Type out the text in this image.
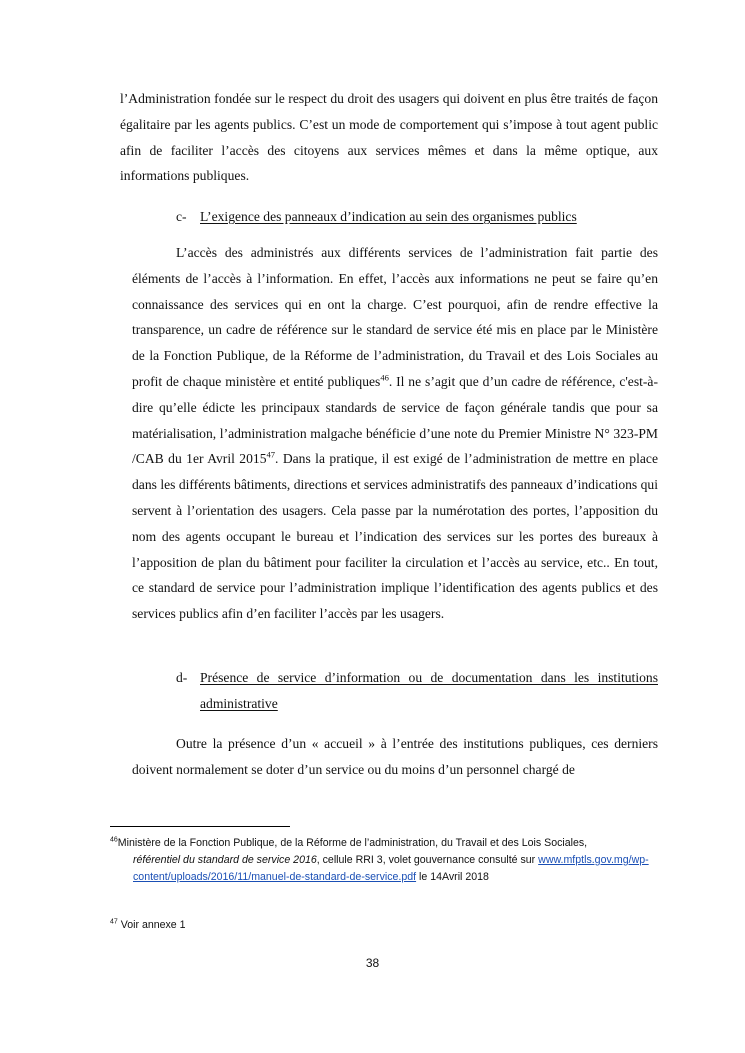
l’Administration fondée sur le respect du droit des usagers qui doivent en plus être traités de façon égalitaire par les agents publics. C’est un mode de comportement qui s’impose à tout agent public afin de faciliter l’accès des citoyens aux services mêmes et dans la même optique, aux informations publiques.
c- L’exigence des panneaux d’indication au sein des organismes publics
L’accès des administrés aux différents services de l’administration fait partie des éléments de l’accès à l’information. En effet, l’accès aux informations ne peut se faire qu’en connaissance des services qui en ont la charge. C’est pourquoi, afin de rendre effective la transparence, un cadre de référence sur le standard de service été mis en place par le Ministère de la Fonction Publique, de la Réforme de l’administration, du Travail et des Lois Sociales au profit de chaque ministère et entité publiques$^{46}$. Il ne s’agit que d’un cadre de référence, c'est-à-dire qu’elle édicte les principaux standards de service de façon générale tandis que pour sa matérialisation, l’administration malgache bénéficie d’une note du Premier Ministre N° 323-PM /CAB du 1er Avril 2015$^{47}$. Dans la pratique, il est exigé de l’administration de mettre en place dans les différents bâtiments, directions et services administratifs des panneaux d’indications qui servent à l’orientation des usagers. Cela passe par la numérotation des portes, l’apposition du nom des agents occupant le bureau et l’indication des services sur les portes des bureaux à l’apposition de plan du bâtiment pour faciliter la circulation et l’accès au service, etc.. En tout, ce standard de service pour l’administration implique l’identification des agents publics et des services publics afin d’en faciliter l’accès par les usagers.
d- Présence de service d’information ou de documentation dans les institutions administrative
Outre la présence d’un « accueil » à l’entrée des institutions publiques, ces derniers doivent normalement se doter d’un service ou du moins d’un personnel chargé de
$^{46}$Ministère de la Fonction Publique, de la Réforme de l’administration, du Travail et des Lois Sociales,
référentiel du standard de service 2016, cellule RRI 3, volet gouvernance consulté sur www.mfptls.gov.mg/wp-content/uploads/2016/11/manuel-de-standard-de-service.pdf le 14Avril 2018
$^{47}$ Voir annexe 1
38
